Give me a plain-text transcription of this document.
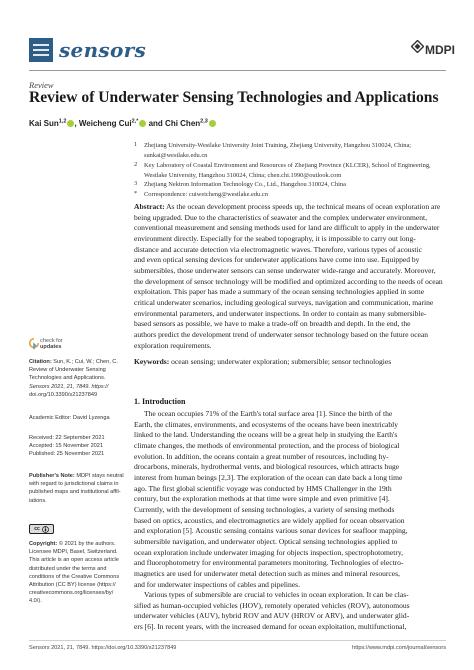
sensors	MDPI
Review
Review of Underwater Sensing Technologies and Applications
Kai Sun$^{1,2}$ , Weicheng Cui$^{2,*}$ and Chi Chen$^{2,3}$
1 Zhejiang University-Westlake University Joint Training, Zhejiang University, Hangzhou 310024, China;
sunkai@westlake.edu.cn
2 Key Laboratory of Coastal Environment and Resources of Zhejiang Province (KLCER), School of Engineering,
Westlake University, Hangzhou 310024, China; chen.chi.1990@outlook.com
3 Zhejiang Nektron Information Technology Co., Ltd., Hangzhou 310024, China
* Correspondence: cuiweicheng@westlake.edu.cn
Abstract: As the ocean development process speeds up, the technical means of ocean exploration are
being upgraded. Due to the characteristics of seawater and the complex underwater environment,
conventional measurement and sensing methods used for land are difficult to apply in the underwater
environment directly. Especially for the seabed topography, it is impossible to carry out long-
distance and accurate detection via electromagnetic waves. Therefore, various types of acoustic
and even optical sensing devices for underwater applications have come into use. Equipped by
submersibles, those underwater sensors can sense underwater wide-range and accurately. Moreover,
the development of sensor technology will be modified and optimized according to the needs of ocean
exploitation. This paper has made a summary of the ocean sensing technologies applied in some
critical underwater scenarios, including geological surveys, navigation and communication, marine
environmental parameters, and underwater inspections. In order to contain as many submersible-
based sensors as possible, we have to make a trade-off on breadth and depth. In the end, the
authors predict the development trend of underwater sensor technology based on the future ocean
exploration requirements.
Keywords: ocean sensing; underwater exploration; submersible; sensor technologies
check for
updates
Citation: Sun, K.; Cui, W.; Chen, C.
Review of Underwater Sensing
Technologies and Applications.
Sensors 2021, 21, 7849. https://
doi.org/10.3390/s21237849
Academic Editor: David Lyzenga
Received: 22 September 2021
Accepted: 15 November 2021
Published: 25 November 2021
Publisher's Note: MDPI stays neutral
with regard to jurisdictional claims in
published maps and institutional affil-
iations.
cc
Copyright: © 2021 by the authors.
Licensee MDPI, Basel, Switzerland.
This article is an open access article
distributed under the terms and
conditions of the Creative Commons
Attribution (CC BY) license (https://
creativecommons.org/licenses/by/
4.0/).
1. Introduction
The ocean occupies 71% of the Earth's total surface area [1]. Since the birth of the
Earth, the climates, environments, and ecosystems of the oceans have been inextricably
linked to the land. Understanding the oceans will be a great help in studying the Earth's
climate changes, the methods of environmental protection, and the process of biological
evolution. In addition, the oceans contain a great number of resources, including hy-
drocarbons, minerals, hydrothermal vents, and biological resources, which attracts huge
interest from human beings [2,3]. The exploration of the ocean can date back a long time
ago. The first global scientific voyage was conducted by HMS Challenger in the 19th
century, but the exploration methods at that time were simple and even primitive [4].
Currently, with the development of sensing technologies, a variety of sensing methods
based on optics, acoustics, and electromagnetics are widely applied for ocean observation
and exploration [5]. Acoustic sensing contains various sonar devices for seafloor mapping,
submersible navigation, and underwater object. Optical sensing technologies applied to
ocean exploration include underwater imaging for objects inspection, spectrophotometry,
and fluorophotometry for environmental parameters monitoring. Technologies of electro-
magnetics are used for underwater metal detection such as mines and mineral resources,
and for underwater inspections of cables and pipelines.
Various types of submersible are crucial to vehicles in ocean exploration. It can be clas-
sified as human-occupied vehicles (HOV), remotely operated vehicles (ROV), autonomous
underwater vehicles (AUV), hybrid ROV and AUV (HROV or ARV), and underwater glid-
ers [6]. In recent years, with the increased demand for ocean exploitation, multifunctional,
Sensors 2021, 21, 7849. https://doi.org/10.3390/s21237849	https://www.mdpi.com/journal/sensors
